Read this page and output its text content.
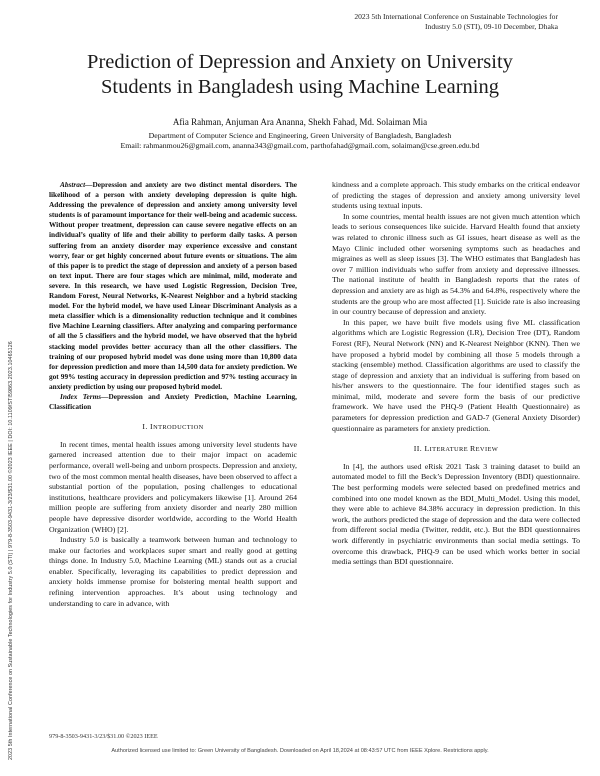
2023 5th International Conference on Sustainable Technologies for
Industry 5.0 (STI), 09-10 December, Dhaka
Prediction of Depression and Anxiety on University
Students in Bangladesh using Machine Learning
Afia Rahman, Anjuman Ara Ananna, Shekh Fahad, Md. Solaiman Mia
Department of Computer Science and Engineering, Green University of Bangladesh, Bangladesh
Email: rahmanmou26@gmail.com, ananna343@gmail.com, parthofahad@gmail.com, solaiman@cse.green.edu.bd
2023 5th International Conference on Sustainable Technologies for Industry 5.0 (STI) | 979-8-3503-9431-3/23/$31.00 ©2023 IEEE | DOI: 10.1109/STI59863.2023.10465126

Abstract—Depression and anxiety are two distinct mental disorders. The likelihood of a person with anxiety developing depression is quite high. Addressing the prevalence of depression and anxiety among university level students is of paramount importance for their well-being and academic success. Without proper treatment, depression can cause severe negative effects on an individual’s quality of life and their ability to perform daily tasks. A person suffering from an anxiety disorder may experience excessive and constant worry, fear or get highly concerned about future events or situations. The aim of this paper is to predict the stage of depression and anxiety of a person based on text input. There are four stages which are minimal, mild, moderate and severe. In this research, we have used Logistic Regression, Decision Tree, Random Forest, Neural Networks, K-Nearest Neighbor and a hybrid stacking model. For the hybrid model, we have used Linear Discriminant Analysis as a meta classifier which is a dimensionality reduction technique and it combines five Machine Learning classifiers. After analyzing and comparing performance of all the 5 classifiers and the hybrid model, we have observed that the hybrid stacking model provides better accuracy than all the other classifiers. The training of our proposed hybrid model was done using more than 10,800 data for depression prediction and more than 14,500 data for anxiety prediction. We got 99% testing accuracy in depression prediction and 97% testing accuracy in anxiety prediction by using our proposed hybrid model.

Index Terms—Depression and Anxiety Prediction, Machine Learning, Classification

I. INTRODUCTION

In recent times, mental health issues among university level students have garnered increased attention due to their major impact on academic performance, overall well-being and unborn prospects. Depression and anxiety, two of the most common mental health diseases, have been observed to affect a substantial portion of the population, posing challenges to educational institutions, healthcare providers and policymakers likewise [1]. Around 264 million people are suffering from anxiety disorder and nearly 280 million people have depressive disorder worldwide, according to the World Health Organization (WHO) [2].

Industry 5.0 is basically a teamwork between human and technology to make our factories and workplaces super smart and really good at getting things done. In Industry 5.0, Machine Learning (ML) stands out as a crucial enabler. Specifically, leveraging its capabilities to predict depression and anxiety holds immense promise for bolstering mental health support and refining intervention approaches. It’s about using technology and understanding to care in advance, with

kindness and a complete approach. This study embarks on the critical endeavor of predicting the stages of depression and anxiety among university level students using textual inputs.

In some countries, mental health issues are not given much attention which leads to serious consequences like suicide. Harvard Health found that anxiety was related to chronic illness such as GI issues, heart disease as well as the Mayo Clinic included other worsening symptoms such as headaches and migraines as well as sleep issues [3]. The WHO estimates that Bangladesh has over 7 million individuals who suffer from anxiety and depressive illnesses. The national institute of health in Bangladesh reports that the rates of depression and anxiety are as high as 54.3% and 64.8%, respectively where the students are the group who are most affected [1]. Suicide rate is also increasing in our country because of depression and anxiety.

In this paper, we have built five models using five ML classification algorithms which are Logistic Regression (LR), Decision Tree (DT), Random Forest (RF), Neural Network (NN) and K-Nearest Neighbor (KNN). Then we have proposed a hybrid model by combining all those 5 models through a stacking (ensemble) method. Classification algorithms are used to classify the stage of depression and anxiety that an individual is suffering from based on his/her answers to the questionnaire. The four identified stages such as minimal, mild, moderate and severe form the basis of our predictive framework. We have used the PHQ-9 (Patient Health Questionnaire) as parameters for depression prediction and GAD-7 (General Anxiety Disorder) questionnaire as parameters for anxiety prediction.

II. LITERATURE REVIEW

In [4], the authors used eRisk 2021 Task 3 training dataset to build an automated model to fill the Beck’s Depression Inventory (BDI) questionnaire. The best performing models were selected based on predefined metrics and combined into one model known as the BDI_Multi_Model. Using this model, they were able to achieve 84.38% accuracy in depression prediction. In this work, the authors predicted the stage of depression and the data were collected from different social media (Twitter, reddit, etc.). But the BDI questionnaires work differently in psychiatric environments than social media settings. To overcome this drawback, PHQ-9 can be used which works better in social media settings than BDI questionnaire.

979-8-3503-9431-3/23/$31.00 ©2023 IEEE
Authorized licensed use limited to: Green University of Bangladesh. Downloaded on April 18,2024 at 08:43:57 UTC from IEEE Xplore. Restrictions apply.
